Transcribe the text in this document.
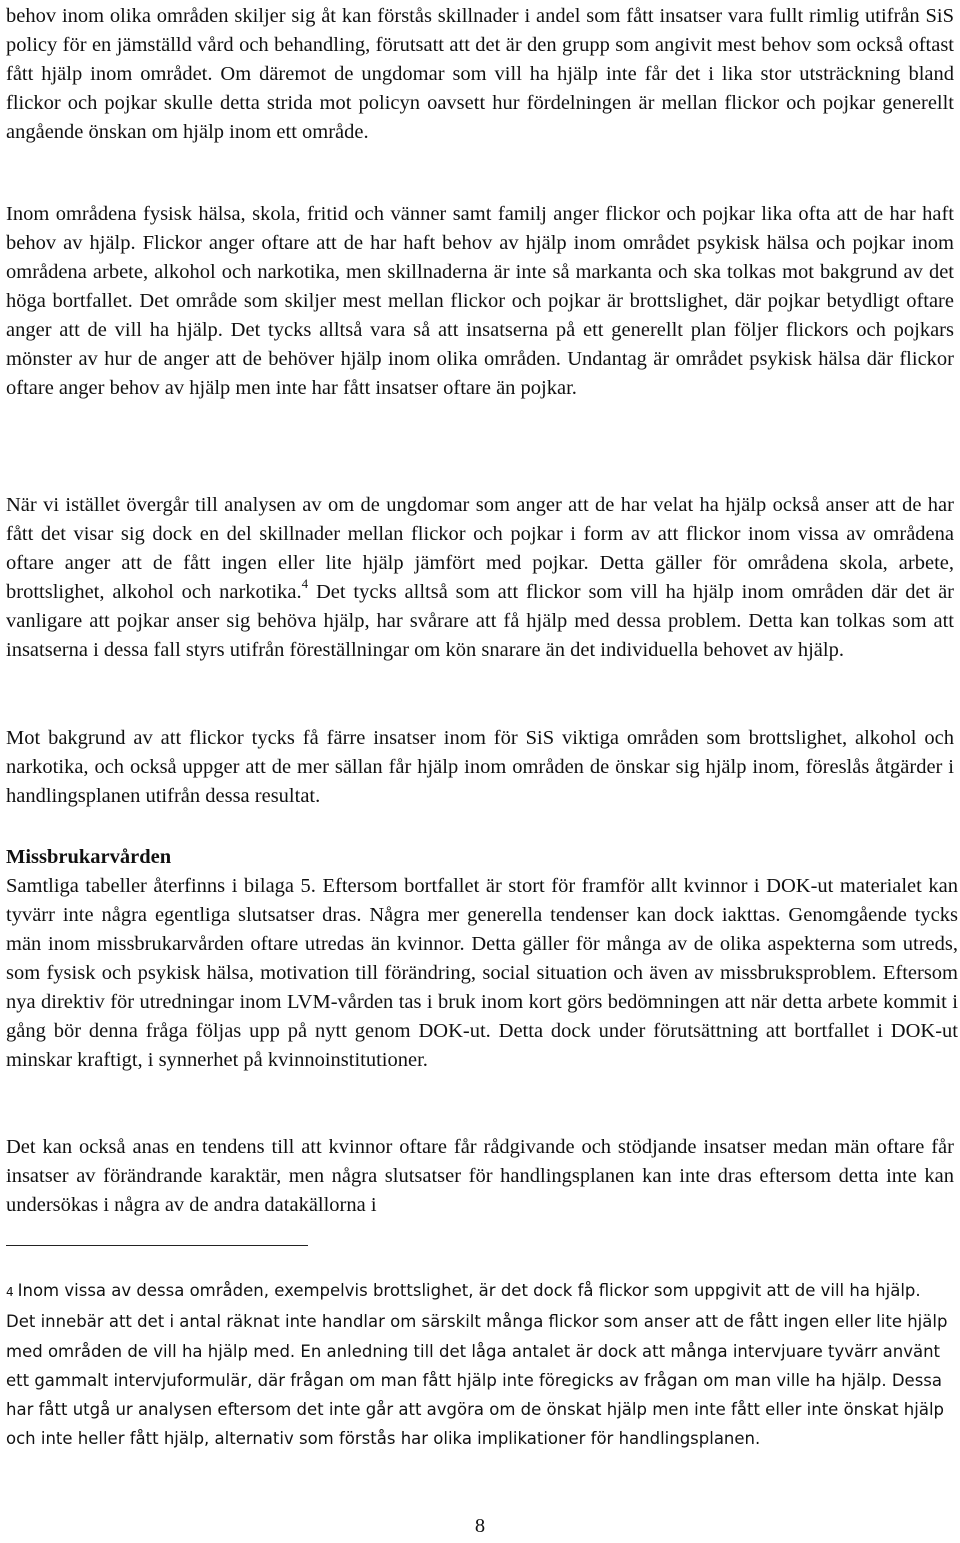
behov inom olika områden skiljer sig åt kan förstås skillnader i andel som fått insatser vara fullt rimlig utifrån SiS policy för en jämställd vård och behandling, förutsatt att det är den grupp som angivit mest behov som också oftast fått hjälp inom området. Om däremot de ungdomar som vill ha hjälp inte får det i lika stor utsträckning bland flickor och pojkar skulle detta strida mot policyn oavsett hur fördelningen är mellan flickor och pojkar generellt angående önskan om hjälp inom ett område.

Inom områdena fysisk hälsa, skola, fritid och vänner samt familj anger flickor och pojkar lika ofta att de har haft behov av hjälp. Flickor anger oftare att de har haft behov av hjälp inom området psykisk hälsa och pojkar inom områdena arbete, alkohol och narkotika, men skillnaderna är inte så markanta och ska tolkas mot bakgrund av det höga bortfallet. Det område som skiljer mest mellan flickor och pojkar är brottslighet, där pojkar betydligt oftare anger att de vill ha hjälp. Det tycks alltså vara så att insatserna på ett generellt plan följer flickors och pojkars mönster av hur de anger att de behöver hjälp inom olika områden. Undantag är området psykisk hälsa där flickor oftare anger behov av hjälp men inte har fått insatser oftare än pojkar.

När vi istället övergår till analysen av om de ungdomar som anger att de har velat ha hjälp också anser att de har fått det visar sig dock en del skillnader mellan flickor och pojkar i form av att flickor inom vissa av områdena oftare anger att de fått ingen eller lite hjälp jämfört med pojkar. Detta gäller för områdena skola, arbete, brottslighet, alkohol och narkotika.$^4$ Det tycks alltså som att flickor som vill ha hjälp inom områden där det är vanligare att pojkar anser sig behöva hjälp, har svårare att få hjälp med dessa problem. Detta kan tolkas som att insatserna i dessa fall styrs utifrån föreställningar om kön snarare än det individuella behovet av hjälp.

Mot bakgrund av att flickor tycks få färre insatser inom för SiS viktiga områden som brottslighet, alkohol och narkotika, och också uppger att de mer sällan får hjälp inom områden de önskar sig hjälp inom, föreslås åtgärder i handlingsplanen utifrån dessa resultat.

Missbrukarvården

Samtliga tabeller återfinns i bilaga 5. Eftersom bortfallet är stort för framför allt kvinnor i DOK-ut materialet kan tyvärr inte några egentliga slutsatser dras. Några mer generella tendenser kan dock iakttas. Genomgående tycks män inom missbrukarvården oftare utredas än kvinnor. Detta gäller för många av de olika aspekterna som utreds, som fysisk och psykisk hälsa, motivation till förändring, social situation och även av missbruksproblem. Eftersom nya direktiv för utredningar inom LVM-vården tas i bruk inom kort görs bedömningen att när detta arbete kommit i gång bör denna fråga följas upp på nytt genom DOK-ut. Detta dock under förutsättning att bortfallet i DOK-ut minskar kraftigt, i synnerhet på kvinnoinstitutioner.

Det kan också anas en tendens till att kvinnor oftare får rådgivande och stödjande insatser medan män oftare får insatser av förändrande karaktär, men några slutsatser för handlingsplanen kan inte dras eftersom detta inte kan undersökas i några av de andra datakällorna i

4 Inom vissa av dessa områden, exempelvis brottslighet, är det dock få flickor som uppgivit att de vill ha hjälp. Det innebär att det i antal räknat inte handlar om särskilt många flickor som anser att de fått ingen eller lite hjälp med områden de vill ha hjälp med. En anledning till det låga antalet är dock att många intervjuare tyvärr använt ett gammalt intervjuformulär, där frågan om man fått hjälp inte föregicks av frågan om man ville ha hjälp. Dessa har fått utgå ur analysen eftersom det inte går att avgöra om de önskat hjälp men inte fått eller inte önskat hjälp och inte heller fått hjälp, alternativ som förstås har olika implikationer för handlingsplanen.

8
